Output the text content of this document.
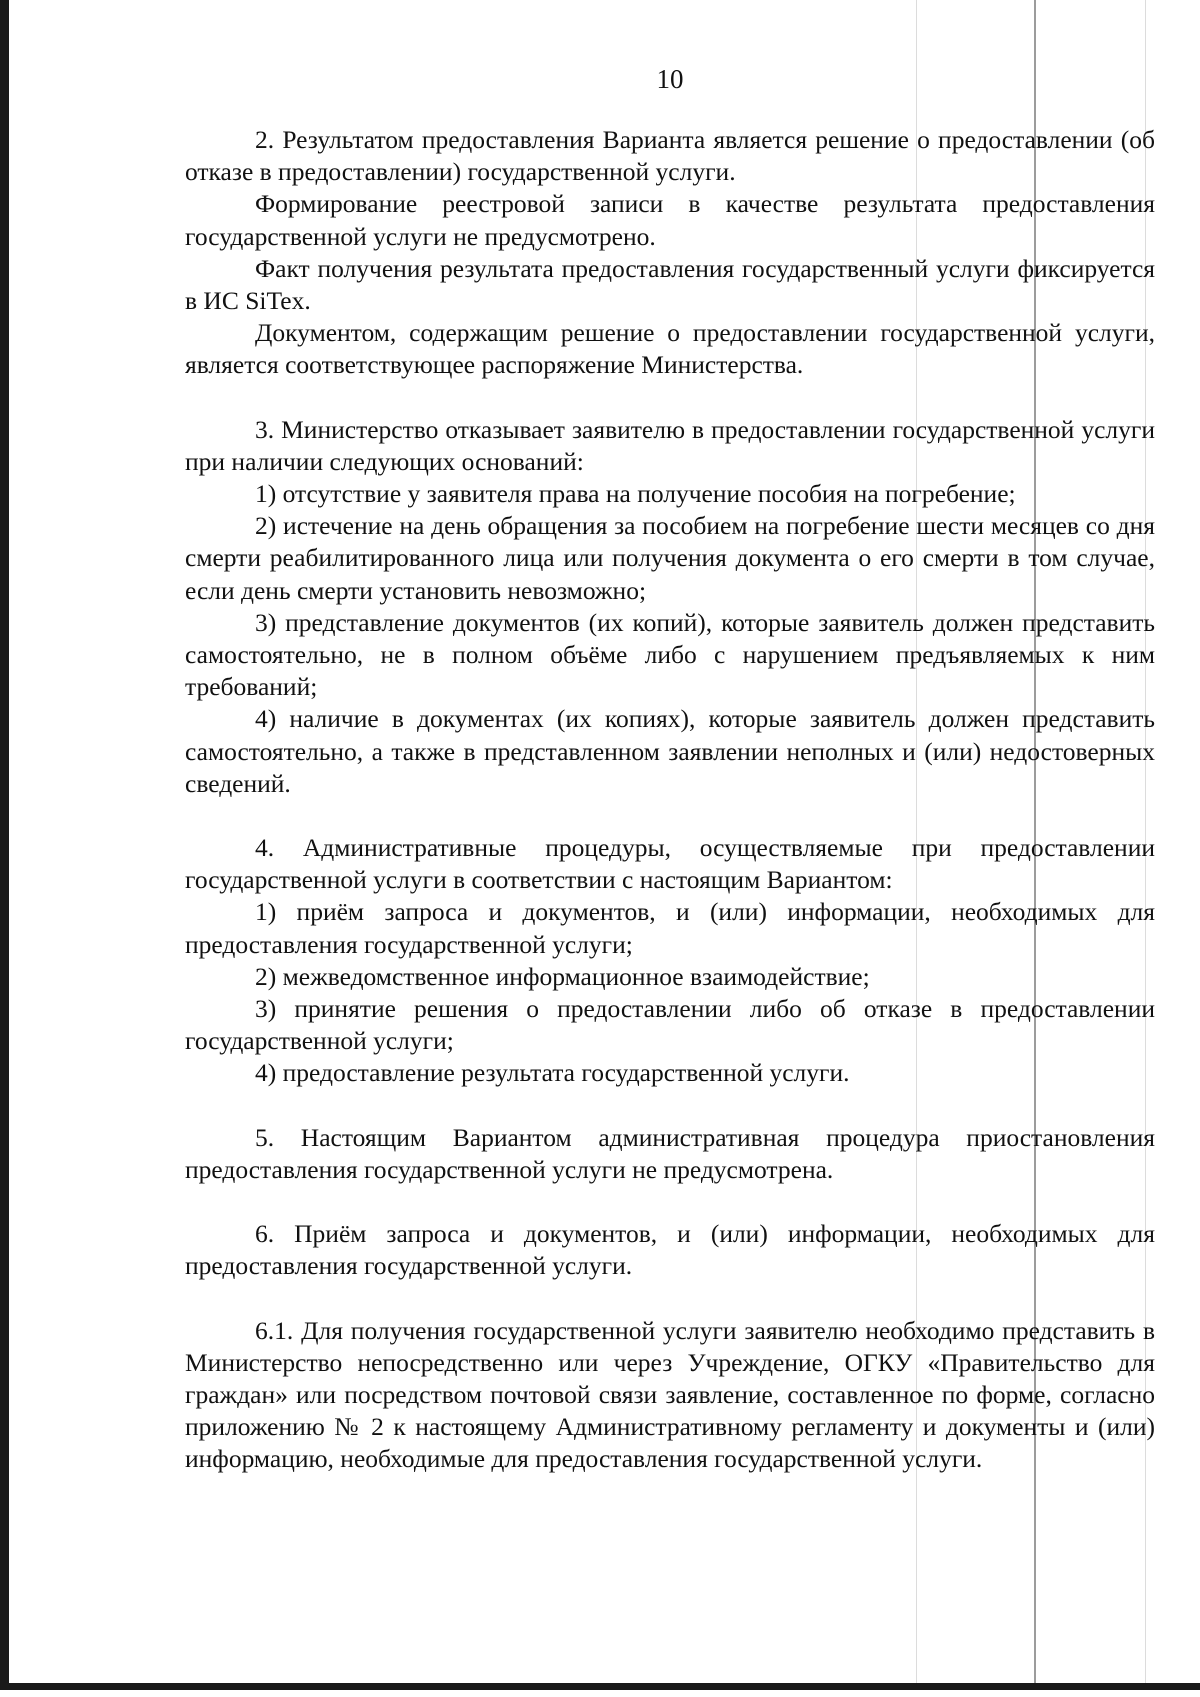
10

2. Результатом предоставления Варианта является решение о предоставлении (об отказе в предоставлении) государственной услуги.

Формирование реестровой записи в качестве результата предоставления государственной услуги не предусмотрено.

Факт получения результата предоставления государственный услуги фиксируется в ИС SiTex.

Документом, содержащим решение о предоставлении государственной услуги, является соответствующее распоряжение Министерства.

3. Министерство отказывает заявителю в предоставлении государственной услуги при наличии следующих оснований:

1) отсутствие у заявителя права на получение пособия на погребение;

2) истечение на день обращения за пособием на погребение шести месяцев со дня смерти реабилитированного лица или получения документа о его смерти в том случае, если день смерти установить невозможно;

3) представление документов (их копий), которые заявитель должен представить самостоятельно, не в полном объёме либо с нарушением предъявляемых к ним требований;

4) наличие в документах (их копиях), которые заявитель должен представить самостоятельно, а также в представленном заявлении неполных и (или) недостоверных сведений.

4. Административные процедуры, осуществляемые при предоставлении государственной услуги в соответствии с настоящим Вариантом:

1) приём запроса и документов, и (или) информации, необходимых для предоставления государственной услуги;

2) межведомственное информационное взаимодействие;

3) принятие решения о предоставлении либо об отказе в предоставлении государственной услуги;

4) предоставление результата государственной услуги.

5. Настоящим Вариантом административная процедура приостановления предоставления государственной услуги не предусмотрена.

6. Приём запроса и документов, и (или) информации, необходимых для предоставления государственной услуги.

6.1. Для получения государственной услуги заявителю необходимо представить в Министерство непосредственно или через Учреждение, ОГКУ «Правительство для граждан» или посредством почтовой связи заявление, составленное по форме, согласно приложению № 2 к настоящему Административному регламенту и документы и (или) информацию, необходимые для предоставления государственной услуги.
